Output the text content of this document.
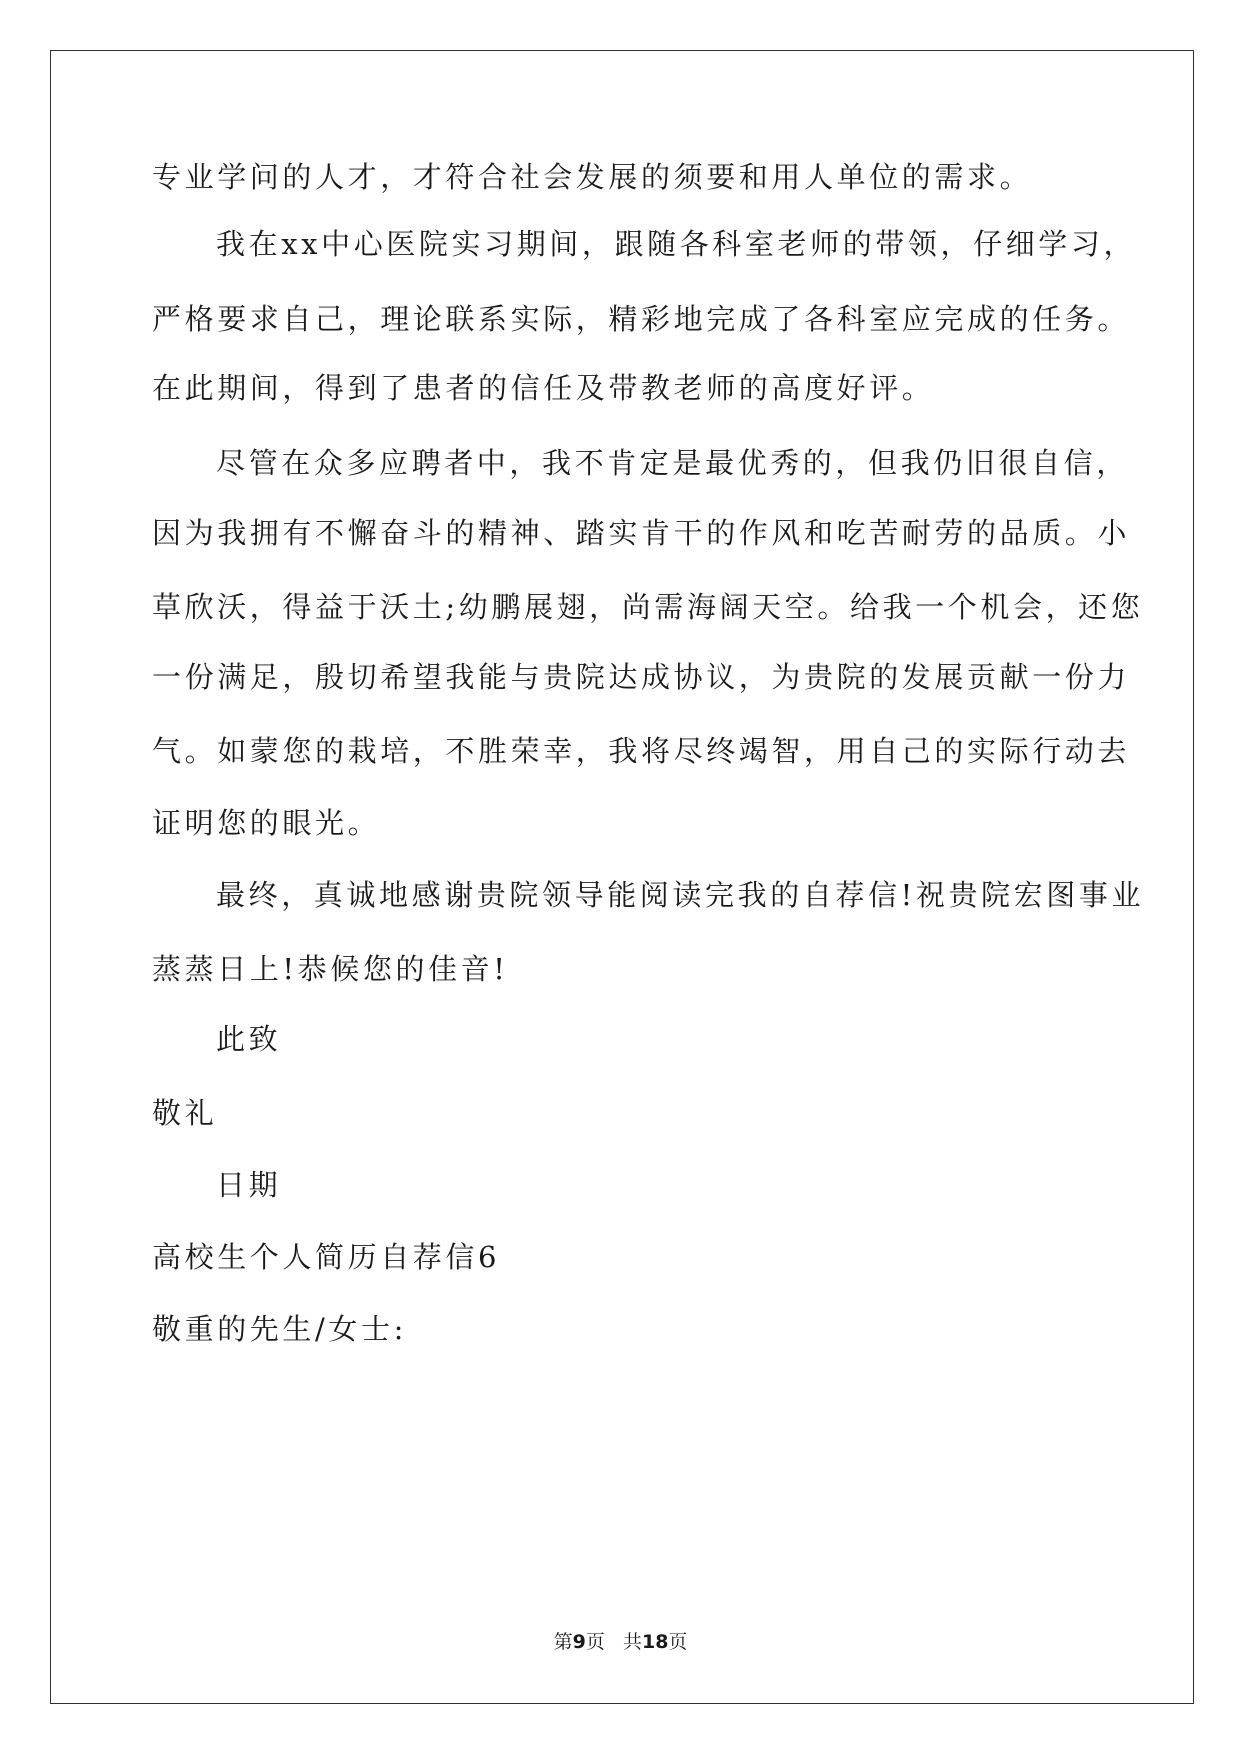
专业学问的人才，才符合社会发展的须要和用人单位的需求。
我在xx中心医院实习期间，跟随各科室老师的带领，仔细学习，
严格要求自己，理论联系实际，精彩地完成了各科室应完成的任务。
在此期间，得到了患者的信任及带教老师的高度好评。
尽管在众多应聘者中，我不肯定是最优秀的，但我仍旧很自信，
因为我拥有不懈奋斗的精神、踏实肯干的作风和吃苦耐劳的品质。小
草欣沃，得益于沃土;幼鹏展翅，尚需海阔天空。给我一个机会，还您
一份满足，殷切希望我能与贵院达成协议，为贵院的发展贡献一份力
气。如蒙您的栽培，不胜荣幸，我将尽终竭智，用自己的实际行动去
证明您的眼光。
最终，真诚地感谢贵院领导能阅读完我的自荐信!祝贵院宏图事业
蒸蒸日上!恭候您的佳音!
此致
敬礼
日期
高校生个人简历自荐信6
敬重的先生/女士:
第9页 共18页
